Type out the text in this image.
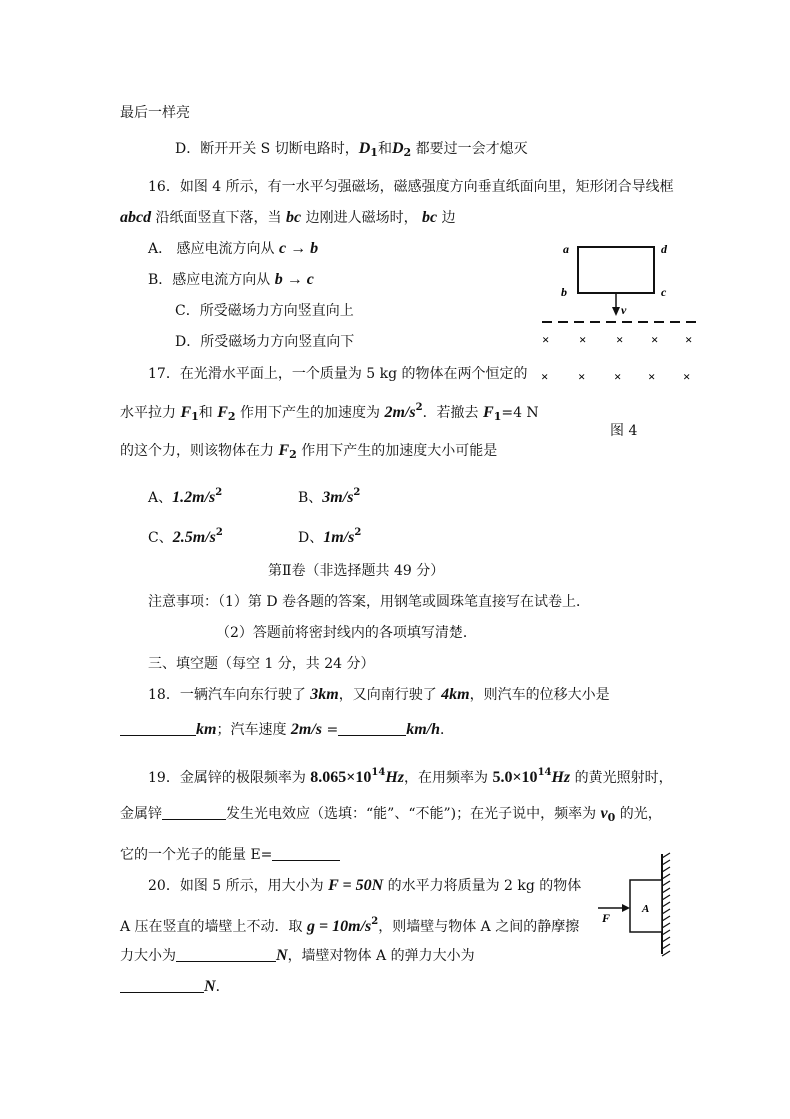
最后一样亮
D．断开开关 S 切断电路时，$D_1$和$D_2$ 都要过一会才熄灭
16．如图 4 所示，有一水平匀强磁场，磁感强度方向垂直纸面向里，矩形闭合导线框
abcd 沿纸面竖直下落，当 bc 边刚进人磁场时， bc 边
A． 感应电流方向从 c → b
B．感应电流方向从 b → c
C．所受磁场力方向竖直向上
D．所受磁场力方向竖直向下
a	d
b	c
v
× × × × ×
× × × × ×
图 4
17．在光滑水平面上，一个质量为 5 kg 的物体在两个恒定的
水平拉力 $F_1$和 $F_2$ 作用下产生的加速度为 $2m/s^2$．若撤去 $F_1=4$ N
的这个力，则该物体在力 $F_2$ 作用下产生的加速度大小可能是
A、$1.2m/s^2$	B、$3m/s^2$
C、$2.5m/s^2$	D、$1m/s^2$
第Ⅱ卷（非选择题共 49 分）
注意事项：（1）第 D 卷各题的答案，用钢笔或圆珠笔直接写在试卷上．
（2）答题前将密封线内的各项填写清楚．
三、填空题（每空 1 分，共 24 分）
18．一辆汽车向东行驶了 3km，又向南行驶了 4km，则汽车的位移大小是
km；汽车速度 2m/s =	km/h．
19．金属锌的极限频率为 $8.065\times 10^{14}Hz$，在用频率为 $5.0\times 10^{14}Hz$ 的黄光照射时，
金属锌	发生光电效应（选填：“能”、“不能”)；在光子说中，频率为 $\nu_0$ 的光，
它的一个光子的能量 E=
20．如图 5 所示，用大小为 F = 50N 的水平力将质量为 2 kg 的物体
A 压在竖直的墙壁上不动．取 $g = 10m/s^2$，则墙壁与物体 A 之间的静摩擦
力大小为	N，墙壁对物体 A 的弹力大小为
N．
A
F
